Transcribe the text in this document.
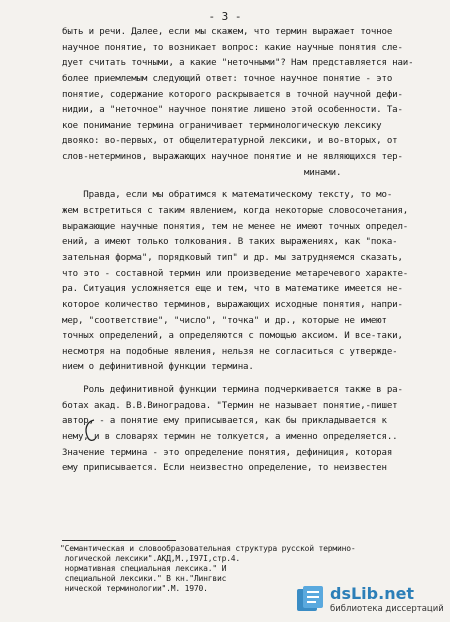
- 3 -
быть и речи. Далее, если мы скажем, что термин выражает точное
научное понятие, то возникает вопрос: какие научные понятия сле-
дует считать точными, а какие "неточными"? Нам представляется наи-
более приемлемым следующий ответ: точное научное понятие - это
понятие, содержание которого раскрывается в точной научной дефи-
нидии, а "неточное" научное понятие лишено этой особенности. Та-
кое понимание термина ограничивает терминологическую лексику
двояко: во-первых, от общелитературной лексики, и во-вторых, от
слов-нетерминов, выражающих научное понятие и не являющихся тер-
минами.
Правда, если мы обратимся к математическому тексту, то мо-
жем встретиться с таким явлением, когда некоторые словосочетания,
выражающие научные понятия, тем не менее не имеют точных определ-
ений, а имеют только толкования. В таких выражениях, как "пока-
зательная форма", порядковый тип" и др. мы затрудняемся сказать,
что это - составной термин или произведение метаречевого характе-
ра. Ситуация усложняется еще и тем, что в математике имеется не-
которое количество терминов, выражающих исходные понятия, напри-
мер, "соответствие", "число", "точка" и др., которые не имеют
точных определений, а определяются с помощью аксиом. И все-таки,
несмотря на подобные явления, нельзя не согласиться с утвержде-
нием о дефинитивной функции термина.
Роль дефинитивной функции термина подчеркивается также в ра-
ботах акад. В.В.Виноградова. "Термин не называет понятие,-пишет
автор, - а понятие ему приписывается, как бы прикладывается к
нему, и в словарях термин не толкуется, а именно определяется..
Значение термина - это определение понятия, дефиниция, которая
ему приписывается. Если неизвестно определение, то неизвестен
"Семантическая и словообразовательная структура русской термино-
логической лексики".АКД,М.,I97I,стр.4.
нормативная специальная лексика." И
специальной лексики." В кн."Лингвис
нической терминологии".М. 1970.	dsLib.net
библиотека диссертаций
